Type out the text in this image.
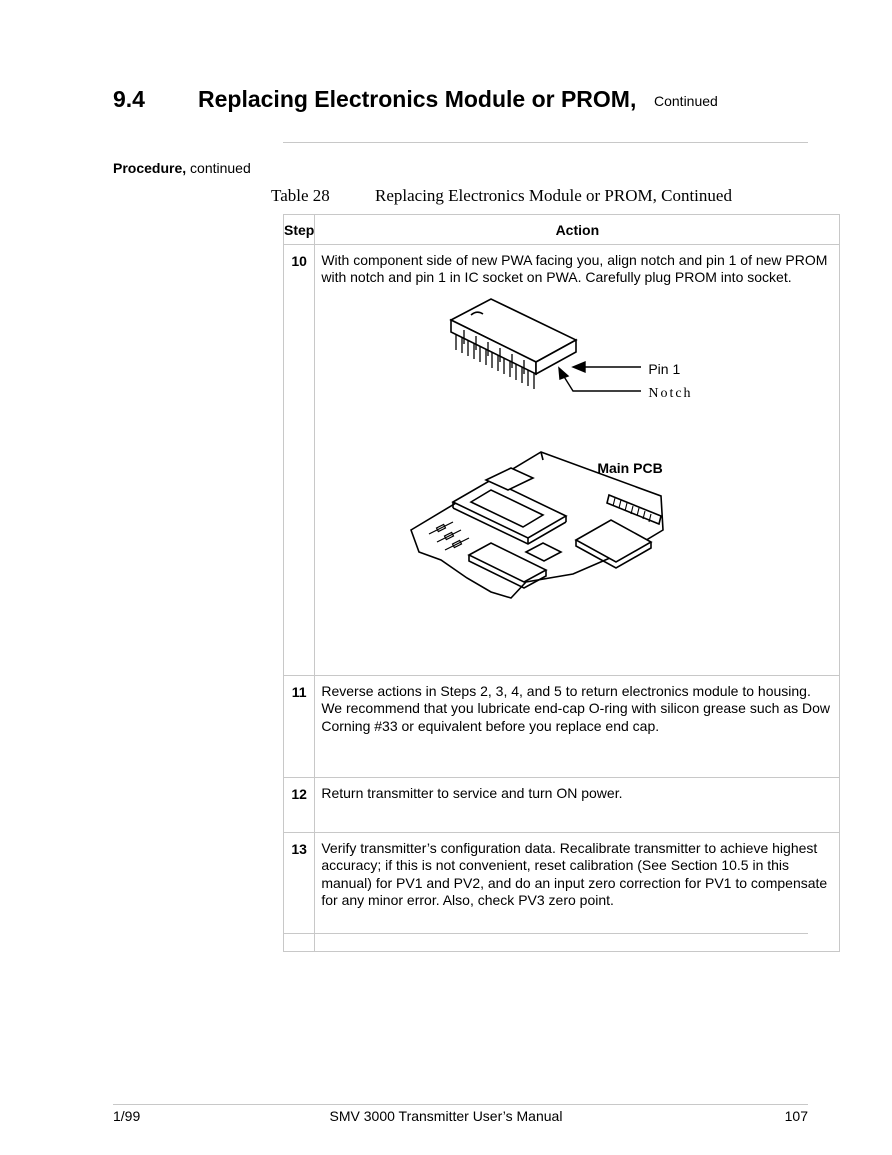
9.4 Replacing Electronics Module or PROM, Continued
Procedure, continued
Table 28	Replacing Electronics Module or PROM, Continued
Step	Action
10	With component side of new PWA facing you, align notch and pin 1 of new PROM with notch and pin 1 in IC socket on PWA. Carefully plug PROM into socket.
Pin 1
Notch
Main PCB

11	Reverse actions in Steps 2, 3, 4, and 5 to return electronics module to housing. We recommend that you lubricate end-cap O-ring with silicon grease such as Dow Corning #33 or equivalent before you replace end cap.
12	Return transmitter to service and turn ON power.
13	Verify transmitter’s configuration data. Recalibrate transmitter to achieve highest accuracy; if this is not convenient, reset calibration (See Section 10.5 in this manual) for PV1 and PV2, and do an input zero correction for PV1 to compensate for any minor error. Also, check PV3 zero point.
1/99	SMV 3000 Transmitter User’s Manual	107
